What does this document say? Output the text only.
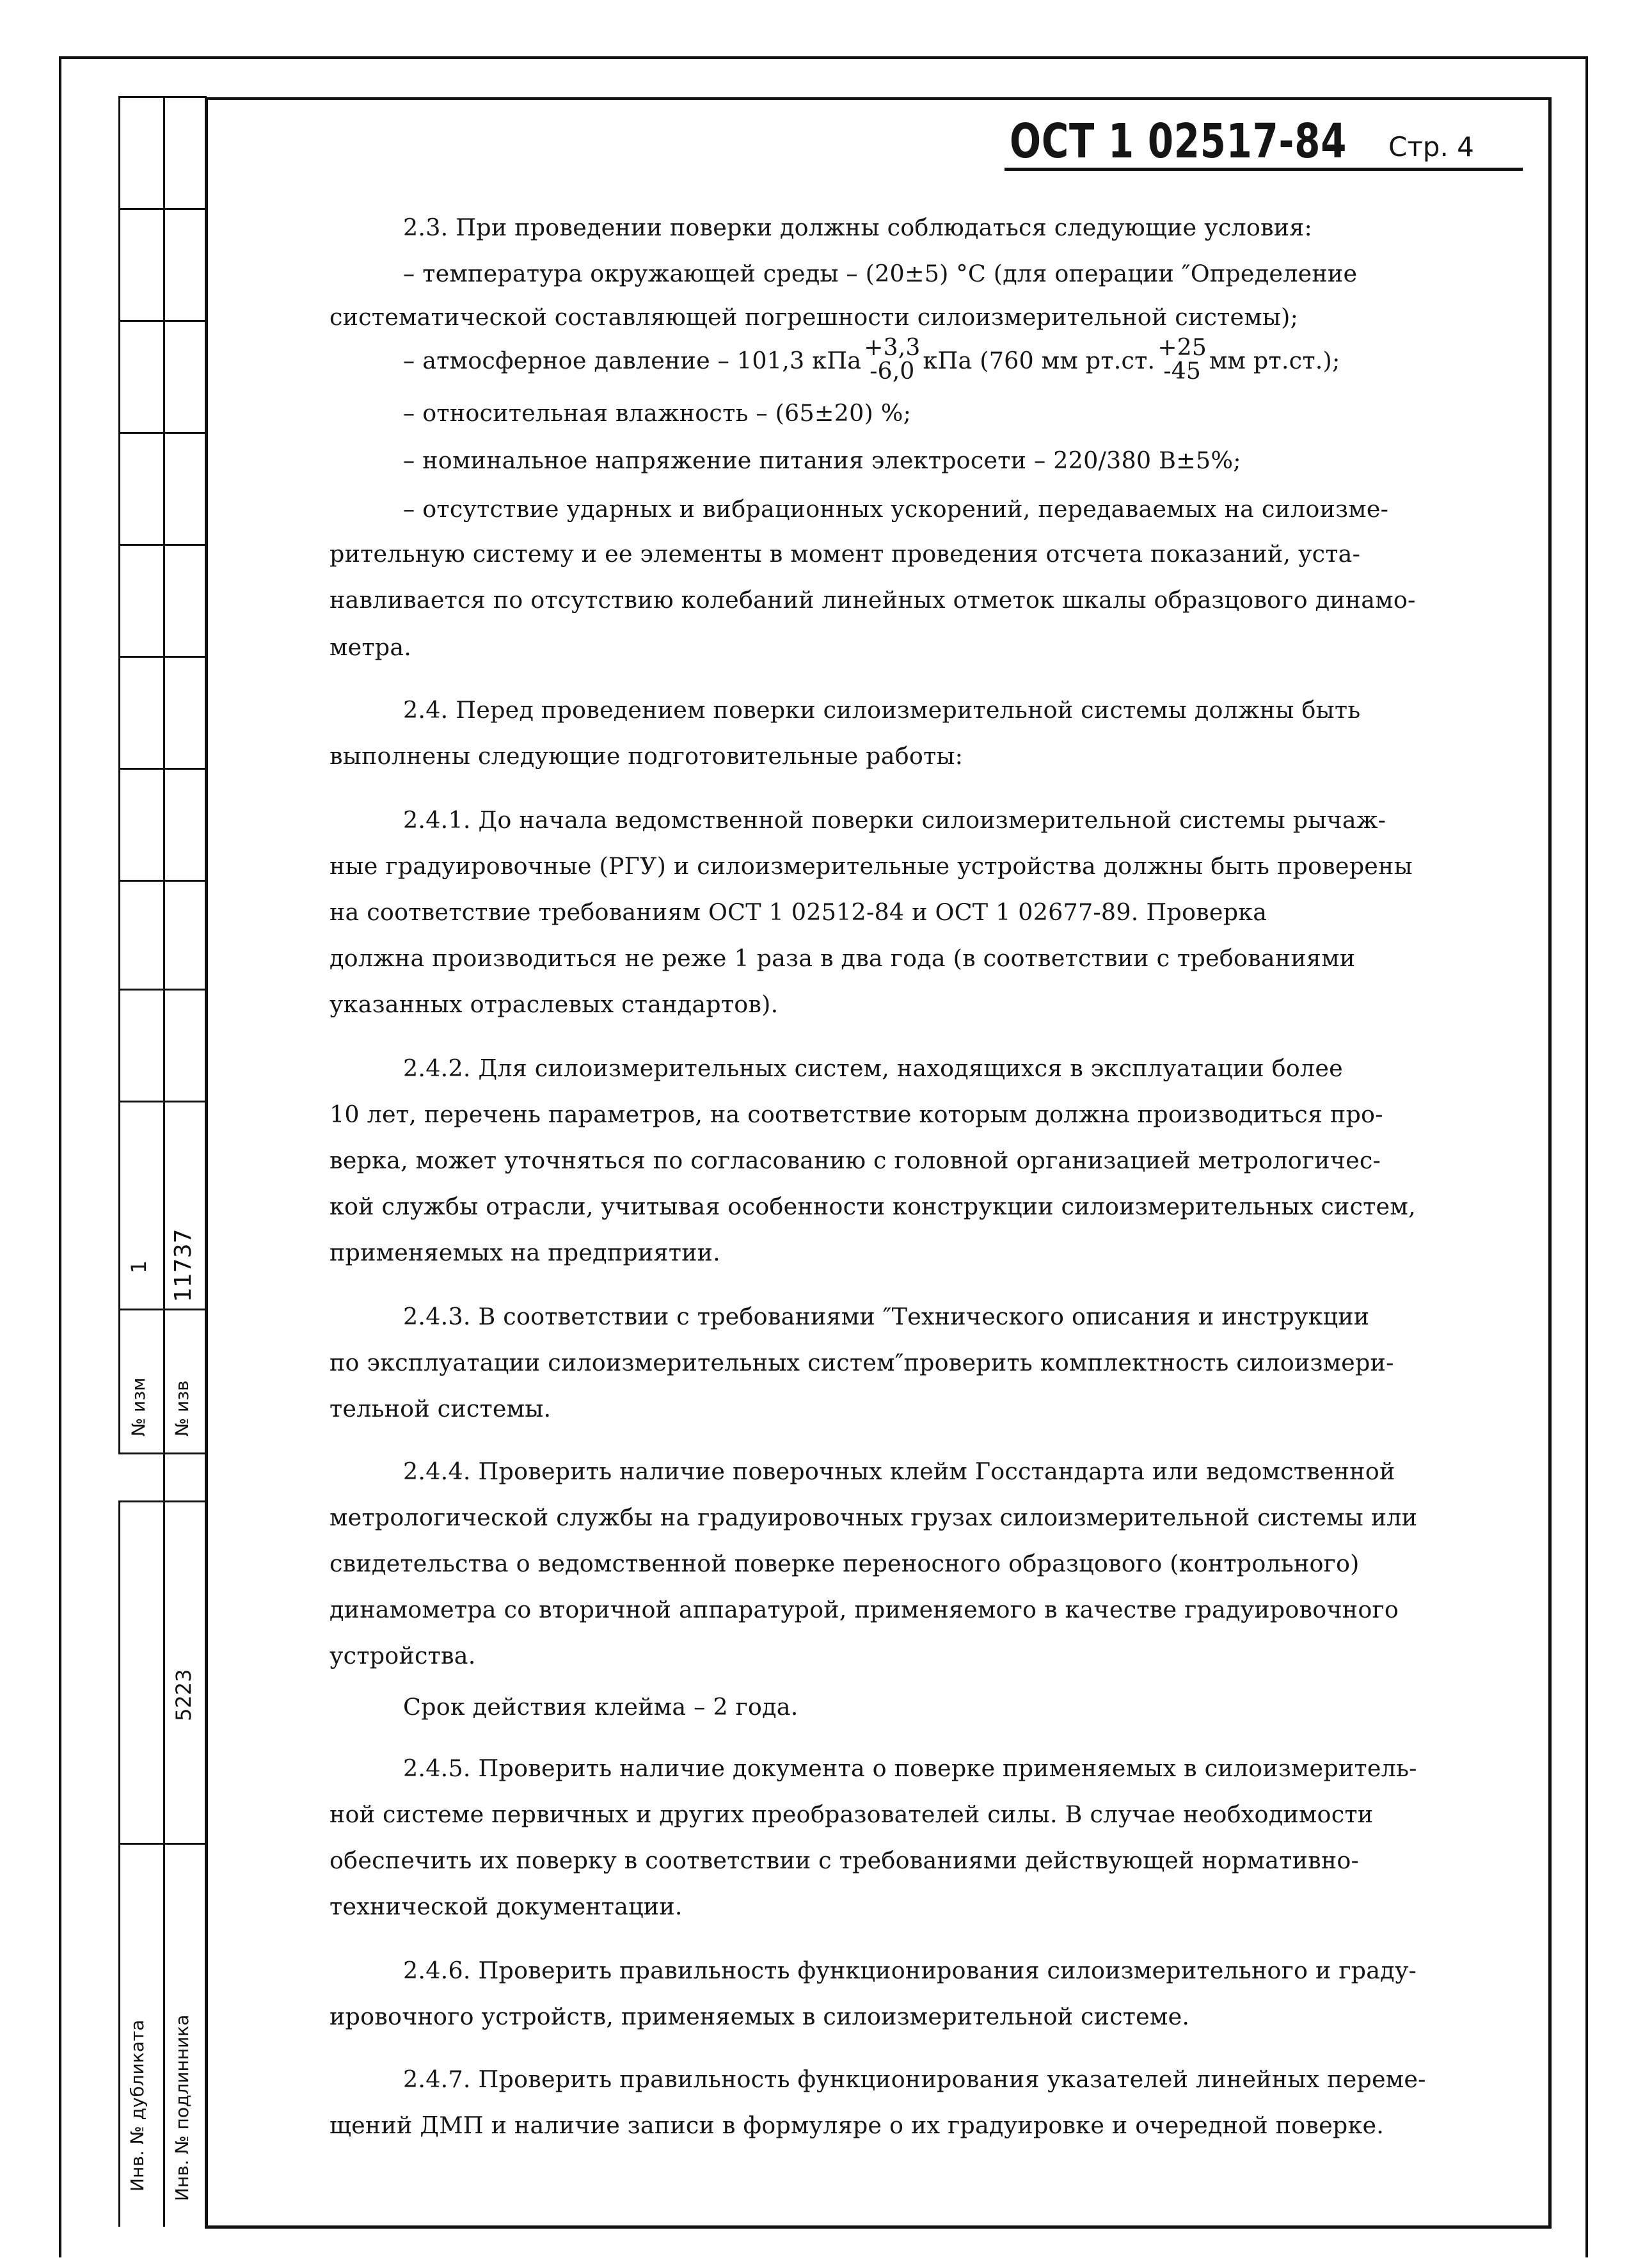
1 11737
№ изм № изв
5223
Инв. № дубликата Инв. № подлинника
ОСТ 1 02517-84 Стр. 4
2.3. При проведении поверки должны соблюдаться следующие условия:
– температура окружающей среды – (20±5) °С (для операции ″Определение
систематической составляющей погрешности силоизмерительной системы);
– атмосферное давление – 101,3 кПа +3,3
-6,0 кПа (760 мм рт.ст. +25
-45 мм рт.ст.);
– относительная влажность – (65±20) %;
– номинальное напряжение питания электросети – 220/380 В±5%;
– отсутствие ударных и вибрационных ускорений, передаваемых на силоизме-
рительную систему и ее элементы в момент проведения отсчета показаний, уста-
навливается по отсутствию колебаний линейных отметок шкалы образцового динамо-
метра.
2.4. Перед проведением поверки силоизмерительной системы должны быть
выполнены следующие подготовительные работы:
2.4.1. До начала ведомственной поверки силоизмерительной системы рычаж-
ные градуировочные (РГУ) и силоизмерительные устройства должны быть проверены
на соответствие требованиям ОСТ 1 02512-84 и ОСТ 1 02677-89. Проверка
должна производиться не реже 1 раза в два года (в соответствии с требованиями
указанных отраслевых стандартов).
2.4.2. Для силоизмерительных систем, находящихся в эксплуатации более
10 лет, перечень параметров, на соответствие которым должна производиться про-
верка, может уточняться по согласованию с головной организацией метрологичес-
кой службы отрасли, учитывая особенности конструкции силоизмерительных систем,
применяемых на предприятии.
2.4.3. В соответствии с требованиями ″Технического описания и инструкции
по эксплуатации силоизмерительных систем″проверить комплектность силоизмери-
тельной системы.
2.4.4. Проверить наличие поверочных клейм Госстандарта или ведомственной
метрологической службы на градуировочных грузах силоизмерительной системы или
свидетельства о ведомственной поверке переносного образцового (контрольного)
динамометра со вторичной аппаратурой, применяемого в качестве градуировочного
устройства.
Срок действия клейма – 2 года.
2.4.5. Проверить наличие документа о поверке применяемых в силоизмеритель-
ной системе первичных и других преобразователей силы. В случае необходимости
обеспечить их поверку в соответствии с требованиями действующей нормативно-
технической документации.
2.4.6. Проверить правильность функционирования силоизмерительного и граду-
ировочного устройств, применяемых в силоизмерительной системе.
2.4.7. Проверить правильность функционирования указателей линейных переме-
щений ДМП и наличие записи в формуляре о их градуировке и очередной поверке.
